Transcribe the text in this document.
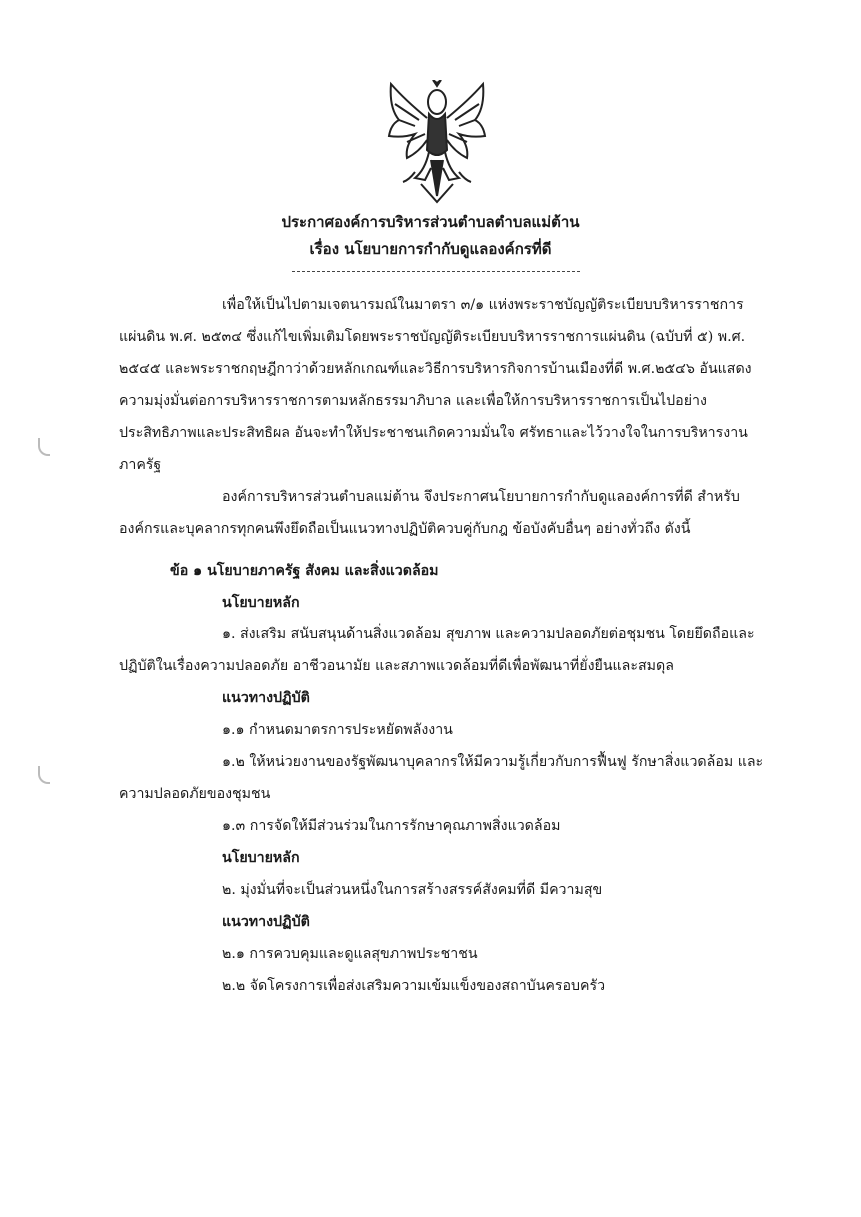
ประกาศองค์การบริหารส่วนตำบลตำบลแม่ต้าน
เรื่อง นโยบายการกำกับดูแลองค์กรที่ดี
เพื่อให้เป็นไปตามเจตนารมณ์ในมาตรา ๓/๑ แห่งพระราชบัญญัติระเบียบบริหารราชการ
แผ่นดิน พ.ศ. ๒๕๓๔ ซึ่งแก้ไขเพิ่มเติมโดยพระราชบัญญัติระเบียบบริหารราชการแผ่นดิน (ฉบับที่ ๕) พ.ศ.
๒๕๔๕ และพระราชกฤษฎีกาว่าด้วยหลักเกณฑ์และวิธีการบริหารกิจการบ้านเมืองที่ดี พ.ศ.๒๕๔๖ อันแสดง
ความมุ่งมั่นต่อการบริหารราชการตามหลักธรรมาภิบาล และเพื่อให้การบริหารราชการเป็นไปอย่าง
ประสิทธิภาพและประสิทธิผล อันจะทำให้ประชาชนเกิดความมั่นใจ ศรัทธาและไว้วางใจในการบริหารงาน
ภาครัฐ
องค์การบริหารส่วนตำบลแม่ต้าน จึงประกาศนโยบายการกำกับดูแลองค์การที่ดี สำหรับ
องค์กรและบุคลากรทุกคนพึงยึดถือเป็นแนวทางปฏิบัติควบคู่กับกฎ ข้อบังคับอื่นๆ อย่างทั่วถึง ดังนี้
ข้อ ๑ นโยบายภาครัฐ สังคม และสิ่งแวดล้อม
นโยบายหลัก
๑. ส่งเสริม สนับสนุนด้านสิ่งแวดล้อม สุขภาพ และความปลอดภัยต่อชุมชน โดยยึดถือและ
ปฏิบัติในเรื่องความปลอดภัย อาชีวอนามัย และสภาพแวดล้อมที่ดีเพื่อพัฒนาที่ยั่งยืนและสมดุล
แนวทางปฏิบัติ
๑.๑ กำหนดมาตรการประหยัดพลังงาน
๑.๒ ให้หน่วยงานของรัฐพัฒนาบุคลากรให้มีความรู้เกี่ยวกับการฟื้นฟู รักษาสิ่งแวดล้อม และ
ความปลอดภัยของชุมชน
๑.๓ การจัดให้มีส่วนร่วมในการรักษาคุณภาพสิ่งแวดล้อม
นโยบายหลัก
๒. มุ่งมั่นที่จะเป็นส่วนหนึ่งในการสร้างสรรค์สังคมที่ดี มีความสุข
แนวทางปฏิบัติ
๒.๑ การควบคุมและดูแลสุขภาพประชาชน
๒.๒ จัดโครงการเพื่อส่งเสริมความเข้มแข็งของสถาบันครอบครัว
